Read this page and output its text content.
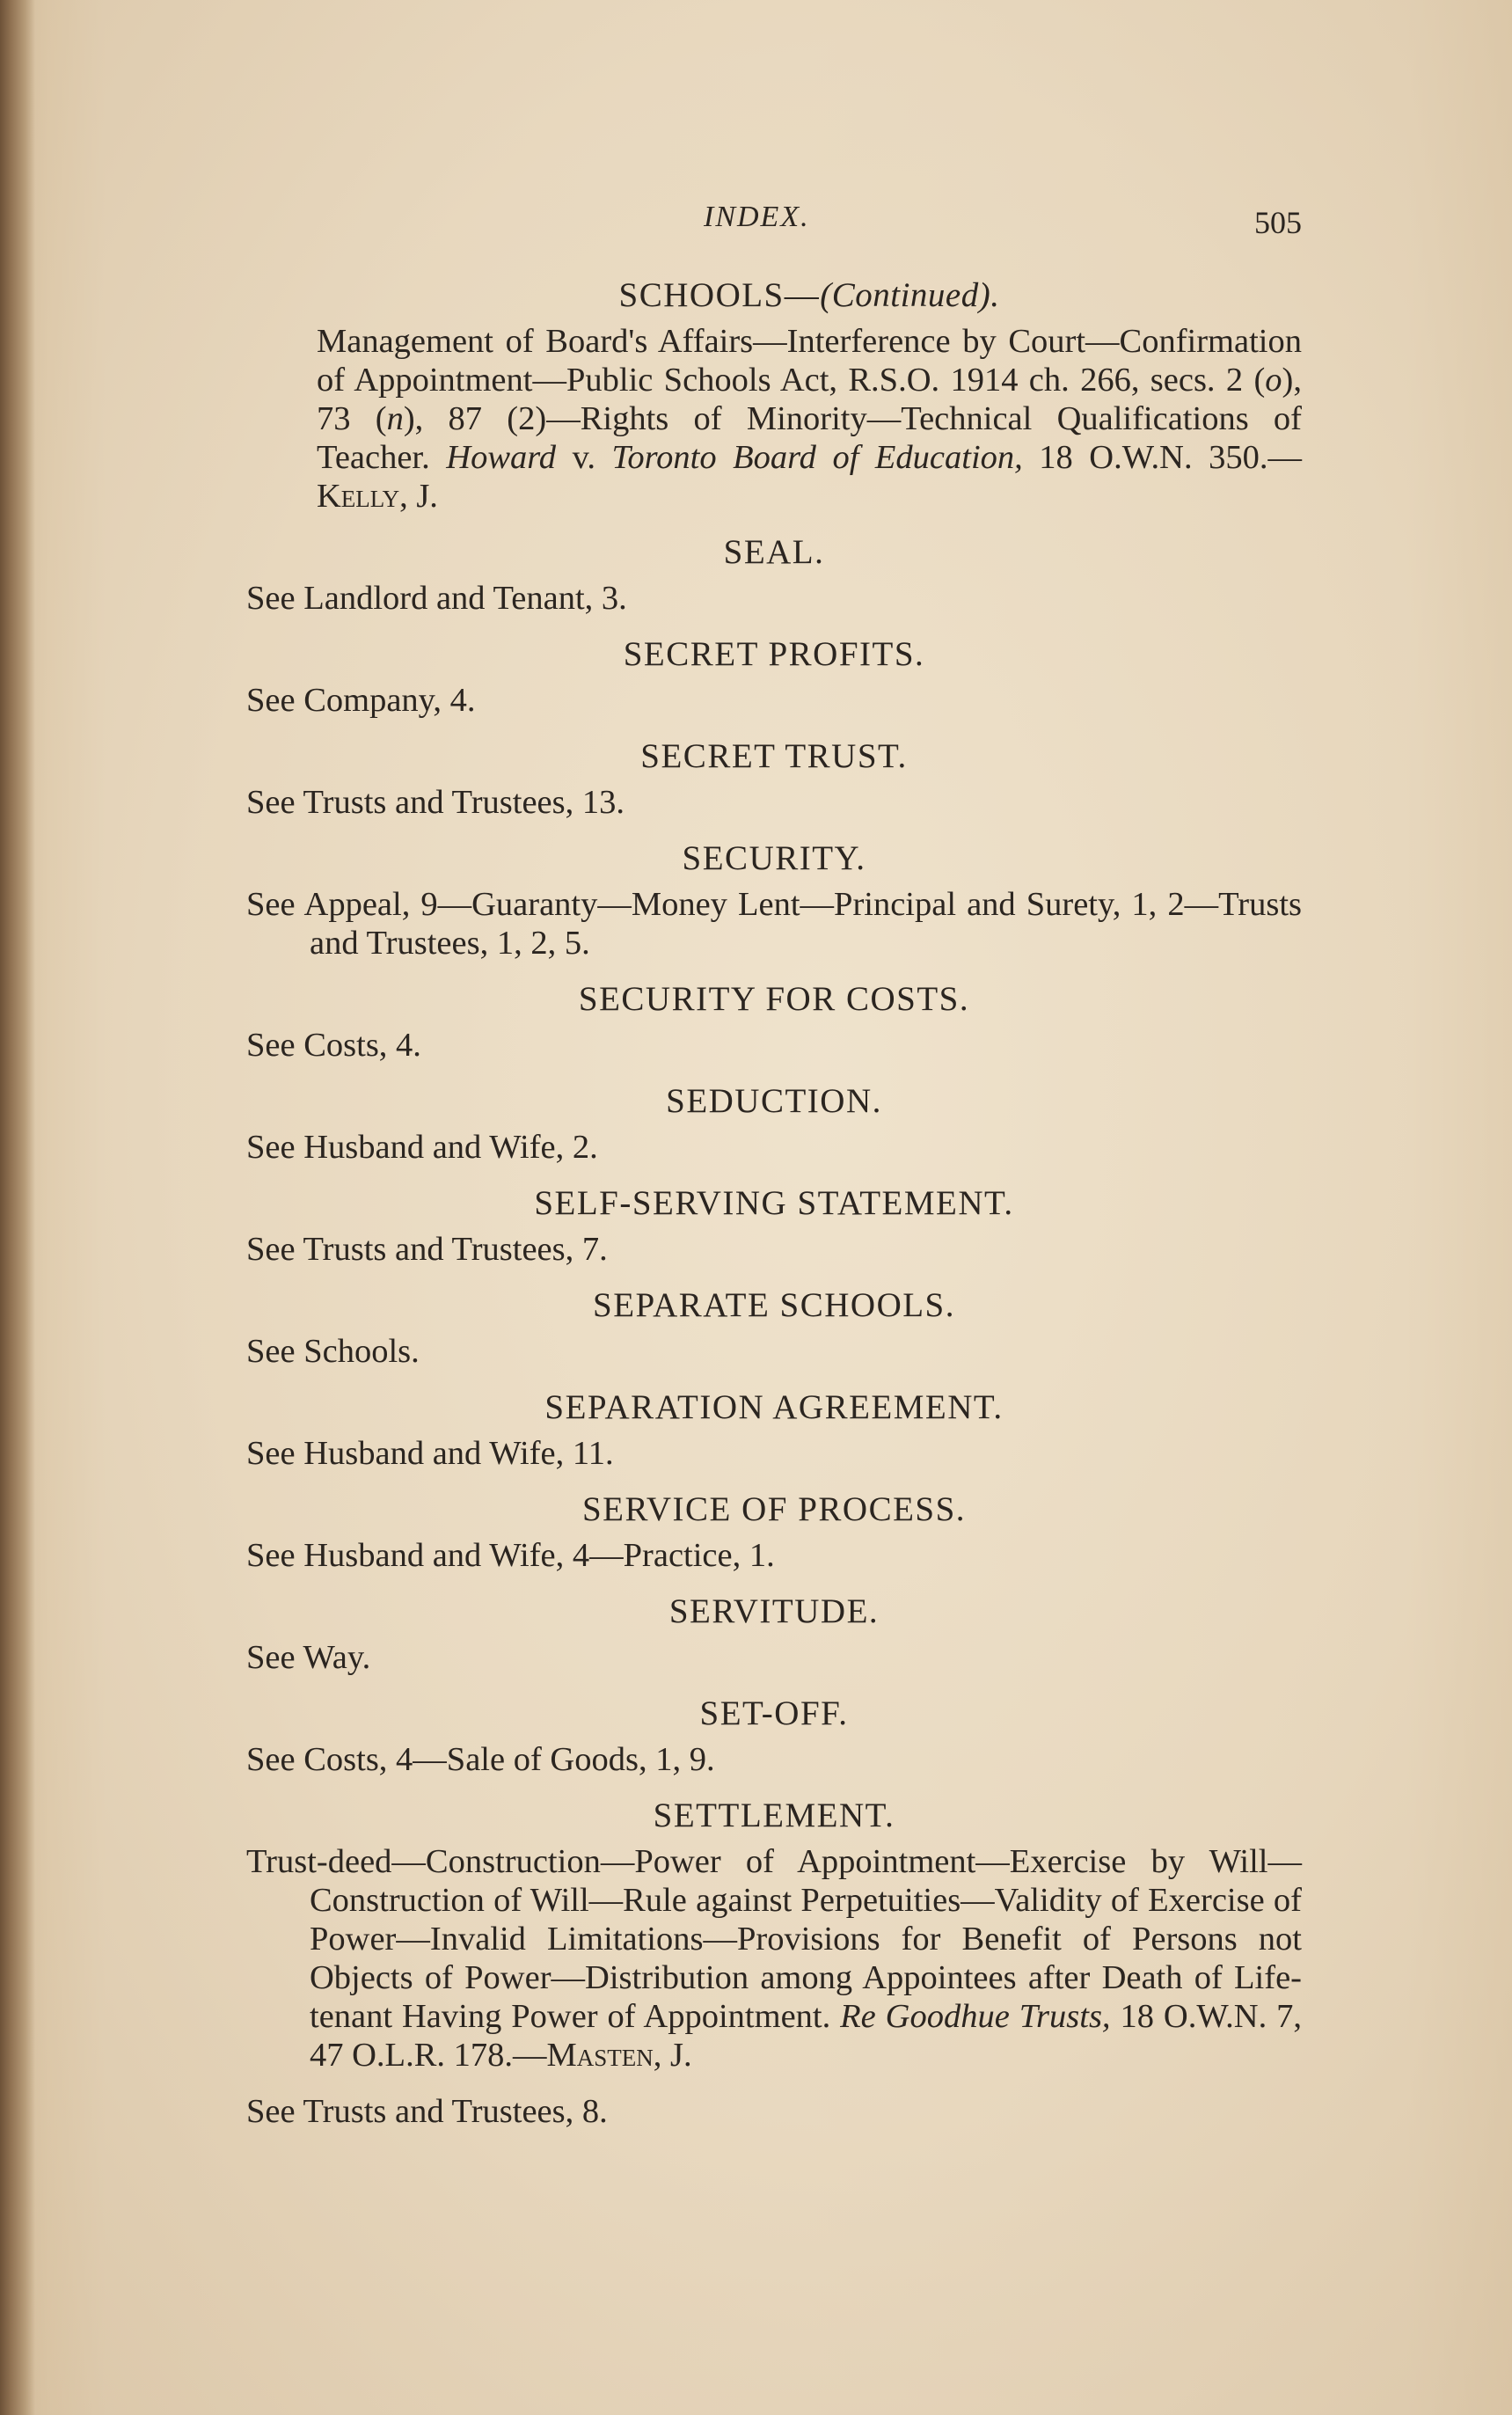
INDEX.	505
SCHOOLS—(Continued).

Management of Board's Affairs—Interference by Court—Confirmation of Appointment—Public Schools Act, R.S.O. 1914 ch. 266, secs. 2 (o), 73 (n), 87 (2)—Rights of Minority—Technical Qualifications of Teacher. Howard v. Toronto Board of Education, 18 O.W.N. 350.—Kelly, J.

SEAL.

See Landlord and Tenant, 3.

SECRET PROFITS.

See Company, 4.

SECRET TRUST.

See Trusts and Trustees, 13.

SECURITY.

See Appeal, 9—Guaranty—Money Lent—Principal and Surety, 1, 2—Trusts and Trustees, 1, 2, 5.

SECURITY FOR COSTS.

See Costs, 4.

SEDUCTION.

See Husband and Wife, 2.

SELF-SERVING STATEMENT.

See Trusts and Trustees, 7.

SEPARATE SCHOOLS.

See Schools.

SEPARATION AGREEMENT.

See Husband and Wife, 11.

SERVICE OF PROCESS.

See Husband and Wife, 4—Practice, 1.

SERVITUDE.

See Way.

SET-OFF.

See Costs, 4—Sale of Goods, 1, 9.

SETTLEMENT.

Trust-deed—Construction—Power of Appointment—Exercise by Will—Construction of Will—Rule against Perpetuities—Validity of Exercise of Power—Invalid Limitations—Provisions for Benefit of Persons not Objects of Power—Distribution among Appointees after Death of Life-tenant Having Power of Appointment. Re Goodhue Trusts, 18 O.W.N. 7, 47 O.L.R. 178.—Masten, J.

See Trusts and Trustees, 8.
